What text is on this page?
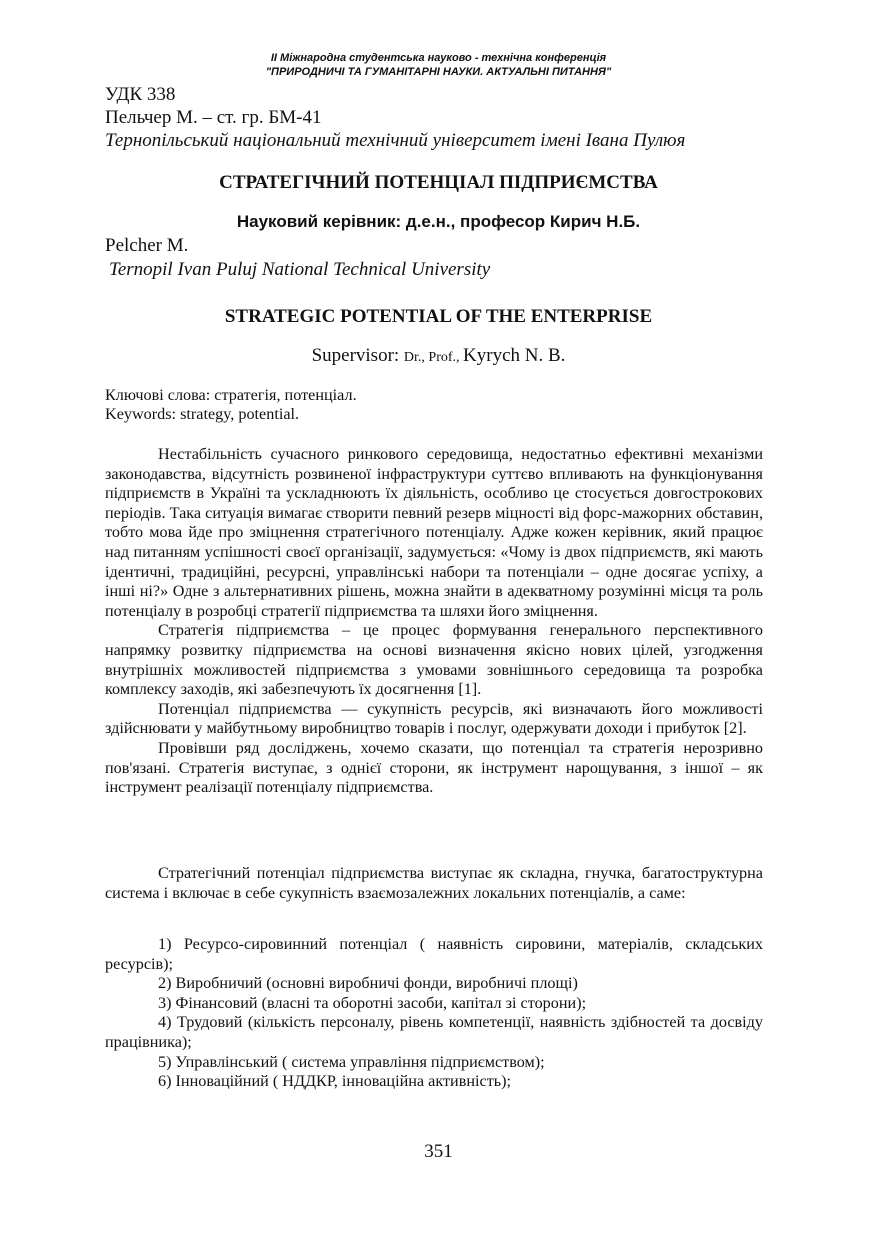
II Міжнародна студентська науково - технічна конференція
"ПРИРОДНИЧІ ТА ГУМАНІТАРНІ НАУКИ. АКТУАЛЬНІ ПИТАННЯ"
УДК 338
Пельчер М. – ст. гр. БМ-41
Тернопільський національний технічний університет імені Івана Пулюя
СТРАТЕГІЧНИЙ ПОТЕНЦІАЛ ПІДПРИЄМСТВА
Науковий керівник: д.е.н., професор Кирич Н.Б.
Pelcher M.
Ternopil Ivan Puluj National Technical University
STRATEGIC POTENTIAL OF THE ENTERPRISE
Supervisor: Dr., Prof., Kyrych N. B.
Ключові слова: стратегія, потенціал.
Keywords: strategy, potential.

Нестабільність сучасного ринкового середовища, недостатньо ефективні механізми законодавства, відсутність розвиненої інфраструктури суттєво впливають на функціонування підприємств в Україні та ускладнюють їх діяльність, особливо це стосується довгострокових періодів. Така ситуація вимагає створити певний резерв міцності від форс-мажорних обставин, тобто мова йде про зміцнення стратегічного потенціалу. Адже кожен керівник, який працює над питанням успішності своєї організації, задумується: «Чому із двох підприємств, які мають ідентичні, традиційні, ресурсні, управлінські набори та потенціали – одне досягає успіху, а інші ні?» Одне з альтернативних рішень, можна знайти в адекватному розумінні місця та роль потенціалу в розробці стратегії підприємства та шляхи його зміцнення.

Стратегія підприємства – це процес формування генерального перспективного напрямку розвитку підприємства на основі визначення якісно нових цілей, узгодження внутрішніх можливостей підприємства з умовами зовнішнього середовища та розробка комплексу заходів, які забезпечують їх досягнення [1].

Потенціал підприємства — сукупність ресурсів, які визначають його можливості здійснювати у майбутньому виробництво товарів і послуг, одержувати доходи і прибуток [2].

Провівши ряд досліджень, хочемо сказати, що потенціал та стратегія нерозривно пов'язані. Стратегія виступає, з однієї сторони, як інструмент нарощування, з іншої – як інструмент реалізації потенціалу підприємства.

Стратегічний потенціал підприємства виступає як складна, гнучка, багатоструктурна система і включає в себе сукупність взаємозалежних локальних потенціалів, а саме:

1) Ресурсо-сировинний потенціал ( наявність сировини, матеріалів, складських ресурсів);

2) Виробничий (основні виробничі фонди, виробничі площі)

3) Фінансовий (власні та оборотні засоби, капітал зі сторони);

4) Трудовий (кількість персоналу, рівень компетенції, наявність здібностей та досвіду працівника);

5) Управлінський ( система управління підприємством);

6) Інноваційний ( НДДКР, інноваційна активність);

351
